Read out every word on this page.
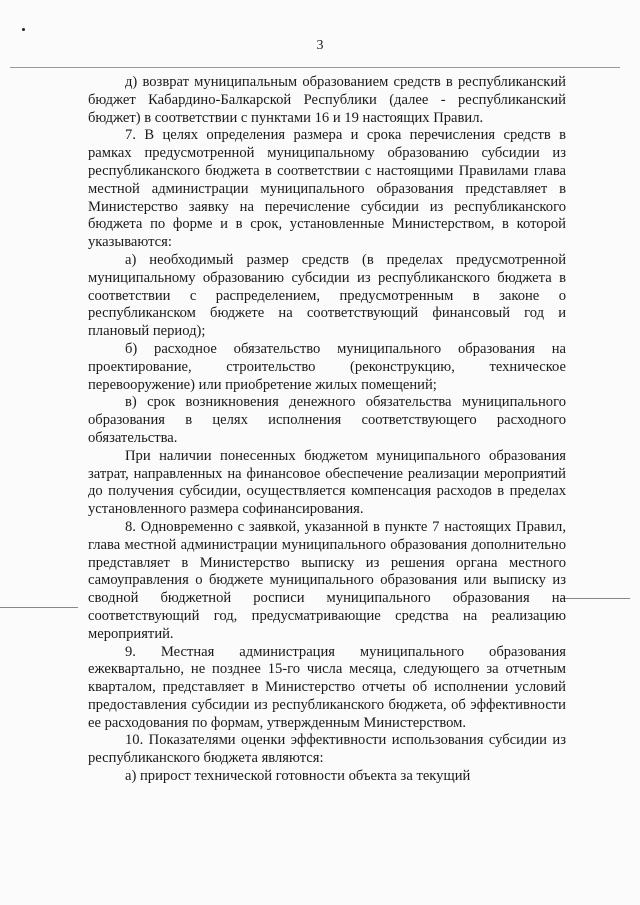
3

д) возврат муниципальным образованием средств в республиканский бюджет Кабардино-Балкарской Республики (далее - республиканский бюджет) в соответствии с пунктами 16 и 19 настоящих Правил.

7. В целях определения размера и срока перечисления средств в рамках предусмотренной муниципальному образованию субсидии из республиканского бюджета в соответствии с настоящими Правилами глава местной администрации муниципального образования представляет в Министерство заявку на перечисление субсидии из республиканского бюджета по форме и в срок, установленные Министерством, в которой указываются:

а) необходимый размер средств (в пределах предусмотренной муниципальному образованию субсидии из республиканского бюджета в соответствии с распределением, предусмотренным в законе о республиканском бюджете на соответствующий финансовый год и плановый период);

б) расходное обязательство муниципального образования на проектирование, строительство (реконструкцию, техническое перевооружение) или приобретение жилых помещений;

в) срок возникновения денежного обязательства муниципального образования в целях исполнения соответствующего расходного обязательства.

При наличии понесенных бюджетом муниципального образования затрат, направленных на финансовое обеспечение реализации мероприятий до получения субсидии, осуществляется компенсация расходов в пределах установленного размера софинансирования.

8. Одновременно с заявкой, указанной в пункте 7 настоящих Правил, глава местной администрации муниципального образования дополнительно представляет в Министерство выписку из решения органа местного самоуправления о бюджете муниципального образования или выписку из сводной бюджетной росписи муниципального образования на соответствующий год, предусматривающие средства на реализацию мероприятий.

9. Местная администрация муниципального образования ежеквартально, не позднее 15-го числа месяца, следующего за отчетным кварталом, представляет в Министерство отчеты об исполнении условий предоставления субсидии из республиканского бюджета, об эффективности ее расходования по формам, утвержденным Министерством.

10. Показателями оценки эффективности использования субсидии из республиканского бюджета являются:

а) прирост технической готовности объекта за текущий
